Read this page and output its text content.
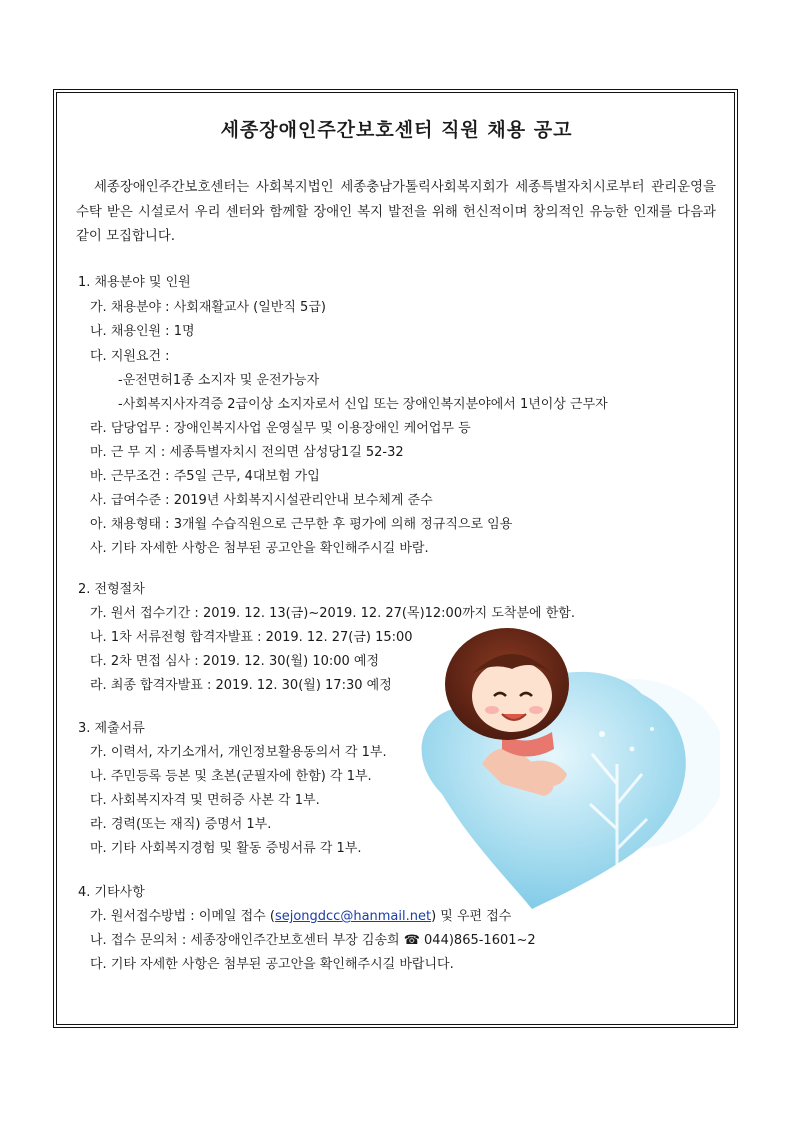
세종장애인주간보호센터 직원 채용 공고
세종장애인주간보호센터는 사회복지법인 세종충남가톨릭사회복지회가 세종특별자치시로부터 관리운영을 수탁 받은 시설로서 우리 센터와 함께할 장애인 복지 발전을 위해 헌신적이며 창의적인 유능한 인재를 다음과 같이 모집합니다.
1. 채용분야 및 인원
가. 채용분야 : 사회재활교사 (일반직 5급)
나. 채용인원 : 1명
다. 지원요건 :
-운전면허1종 소지자 및 운전가능자
-사회복지사자격증 2급이상 소지자로서 신입 또는 장애인복지분야에서 1년이상 근무자
라. 담당업무 : 장애인복지사업 운영실무 및 이용장애인 케어업무 등
마. 근 무 지 : 세종특별자치시 전의면 삼성당1길 52-32
바. 근무조건 : 주5일 근무, 4대보험 가입
사. 급여수준 : 2019년 사회복지시설관리안내 보수체계 준수
아. 채용형태 : 3개월 수습직원으로 근무한 후 평가에 의해 정규직으로 임용
사. 기타 자세한 사항은 첨부된 공고안을 확인해주시길 바람.
2. 전형절차
가. 원서 접수기간 : 2019. 12. 13(금)~2019. 12. 27(목)12:00까지 도착분에 한함.
나. 1차 서류전형 합격자발표 : 2019. 12. 27(금) 15:00
다. 2차 면접 심사 : 2019. 12. 30(월) 10:00 예정
라. 최종 합격자발표 : 2019. 12. 30(월) 17:30 예정
3. 제출서류
가. 이력서, 자기소개서, 개인정보활용동의서 각 1부.
나. 주민등록 등본 및 초본(군필자에 한함) 각 1부.
다. 사회복지자격 및 면허증 사본 각 1부.
라. 경력(또는 재직) 증명서 1부.
마. 기타 사회복지경험 및 활동 증빙서류 각 1부.
4. 기타사항
가. 원서접수방법 : 이메일 접수 (sejongdcc@hanmail.net) 및 우편 접수
나. 접수 문의처 : 세종장애인주간보호센터 부장 김송희 ☎ 044)865-1601~2
다. 기타 자세한 사항은 첨부된 공고안을 확인해주시길 바랍니다.
